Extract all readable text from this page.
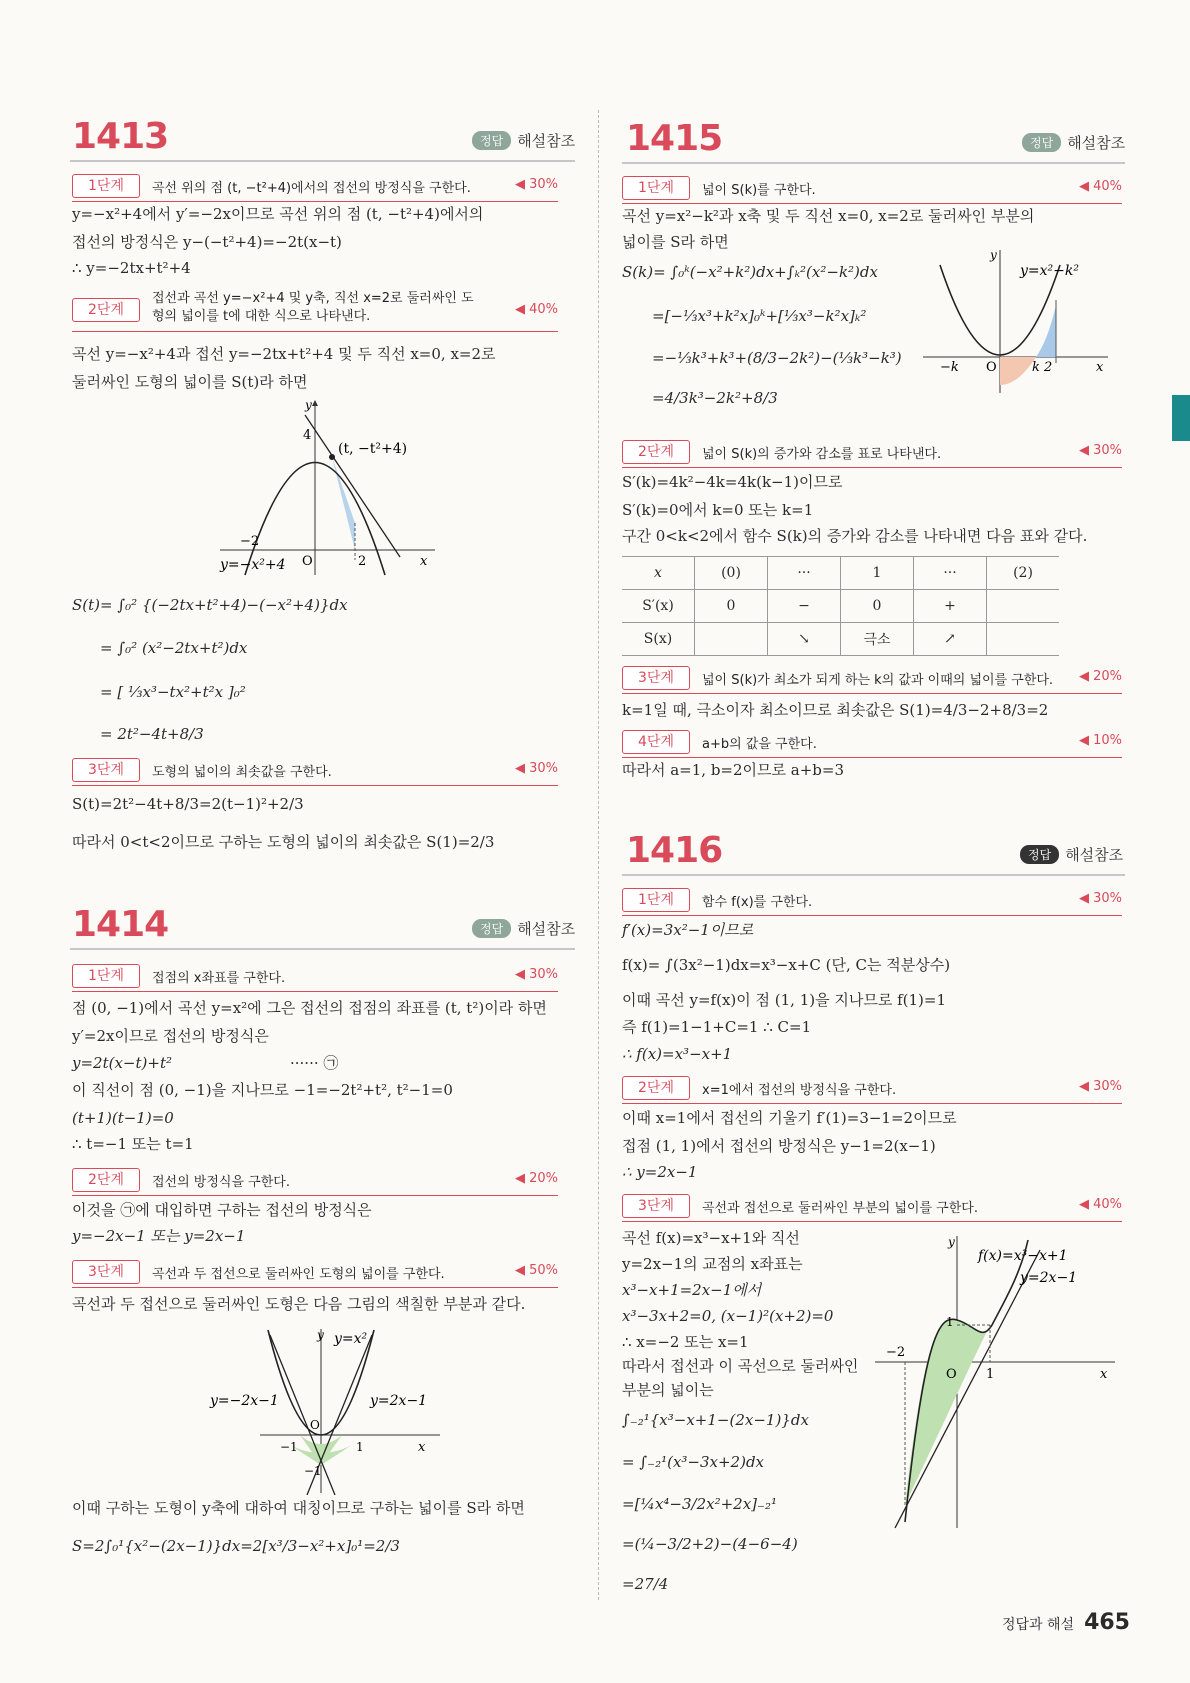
1413	정답 해설참조
1단계	곡선 위의 점 (t, −t²+4)에서의 접선의 방정식을 구한다.	◀ 30%
y=−x²+4에서 y′=−2x이므로 곡선 위의 점 (t, −t²+4)에서의
접선의 방정식은 y−(−t²+4)=−2t(x−t)
∴ y=−2tx+t²+4
2단계
접선과 곡선 y=−x²+4 및 y축, 직선 x=2로 둘러싸인 도형의 넓이를 t에 대한 식으로 나타낸다.	◀ 40%
곡선 y=−x²+4과 접선 y=−2tx+t²+4 및 두 직선 x=0, x=2로
둘러싸인 도형의 넓이를 S(t)라 하면
y
x
4
(t, −t²+4)
−2
O	2
y=−x²+4
S(t)= ∫₀² {(−2tx+t²+4)−(−x²+4)}dx
= ∫₀² (x²−2tx+t²)dx
= [ ⅓x³−tx²+t²x ]₀²
= 2t²−4t+8/3
3단계	도형의 넓이의 최솟값을 구한다.	◀ 30%
S(t)=2t²−4t+8/3=2(t−1)²+2/3
따라서 0<t<2이므로 구하는 도형의 넓이의 최솟값은 S(1)=2/3
1414	정답 해설참조
1단계	접점의 x좌표를 구한다.	◀ 30%
점 (0, −1)에서 곡선 y=x²에 그은 접선의 접점의 좌표를 (t, t²)이라 하면
y′=2x이므로 접선의 방정식은
y=2t(x−t)+t²	······ ㉠
이 직선이 점 (0, −1)을 지나므로 −1=−2t²+t², t²−1=0
(t+1)(t−1)=0
∴ t=−1 또는 t=1
2단계	접선의 방정식을 구한다.	◀ 20%
이것을 ㉠에 대입하면 구하는 접선의 방정식은
y=−2x−1 또는 y=2x−1
3단계	곡선과 두 접선으로 둘러싸인 도형의 넓이를 구한다.	◀ 50%
곡선과 두 접선으로 둘러싸인 도형은 다음 그림의 색칠한 부분과 같다.
y y=x²
y=−2x−1	y=2x−1
O
−1	1	x
−1
이때 구하는 도형이 y축에 대하여 대칭이므로 구하는 넓이를 S라 하면
S=2∫₀¹{x²−(2x−1)}dx=2[x³/3−x²+x]₀¹=2/3
1415	정답 해설참조
1단계	넓이 S(k)를 구한다.	◀ 40%
곡선 y=x²−k²과 x축 및 두 직선 x=0, x=2로 둘러싸인 부분의
넓이를 S라 하면
S(k)= ∫₀ᵏ(−x²+k²)dx+∫ₖ²(x²−k²)dx
=[−⅓x³+k²x]₀ᵏ+[⅓x³−k²x]ₖ²
=−⅓k³+k³+(8/3−2k²)−(⅓k³−k³)
=4/3k³−2k²+8/3
y
y=x²−k²
−k O	k 2	x
2단계	넓이 S(k)의 증가와 감소를 표로 나타낸다.	◀ 30%
S′(k)=4k²−4k=4k(k−1)이므로
S′(k)=0에서 k=0 또는 k=1
구간 0<k<2에서 함수 S(k)의 증가와 감소를 나타내면 다음 표와 같다.
x	(0)	···	1	···	(2)
S′(x)	0	−	0	+	
S(x)		↘	극소	↗	
3단계	넓이 S(k)가 최소가 되게 하는 k의 값과 이때의 넓이를 구한다. ◀ 20%
k=1일 때, 극소이자 최소이므로 최솟값은 S(1)=4/3−2+8/3=2
4단계	a+b의 값을 구한다.	◀ 10%
따라서 a=1, b=2이므로 a+b=3
1416	정답 해설참조
1단계	함수 f(x)를 구한다.	◀ 30%
f′(x)=3x²−1이므로
f(x)= ∫(3x²−1)dx=x³−x+C (단, C는 적분상수)
이때 곡선 y=f(x)이 점 (1, 1)을 지나므로 f(1)=1
즉 f(1)=1−1+C=1 ∴ C=1
∴ f(x)=x³−x+1
2단계	x=1에서 접선의 방정식을 구한다.	◀ 30%
이때 x=1에서 접선의 기울기 f′(1)=3−1=2이므로
접점 (1, 1)에서 접선의 방정식은 y−1=2(x−1)
∴ y=2x−1
3단계	곡선과 접선으로 둘러싸인 부분의 넓이를 구한다.	◀ 40%
곡선 f(x)=x³−x+1와 직선
y=2x−1의 교점의 x좌표는
x³−x+1=2x−1에서
x³−3x+2=0, (x−1)²(x+2)=0
∴ x=−2 또는 x=1
따라서 접선과 이 곡선으로 둘러싸인
부분의 넓이는
∫₋₂¹{x³−x+1−(2x−1)}dx
= ∫₋₂¹(x³−3x+2)dx
=[¼x⁴−3/2x²+2x]₋₂¹
=(¼−3/2+2)−(4−6−4)
=27/4
y
f(x)=x³−x+1
y=2x−1
−2
1
O 1	x
정답과 해설 465
